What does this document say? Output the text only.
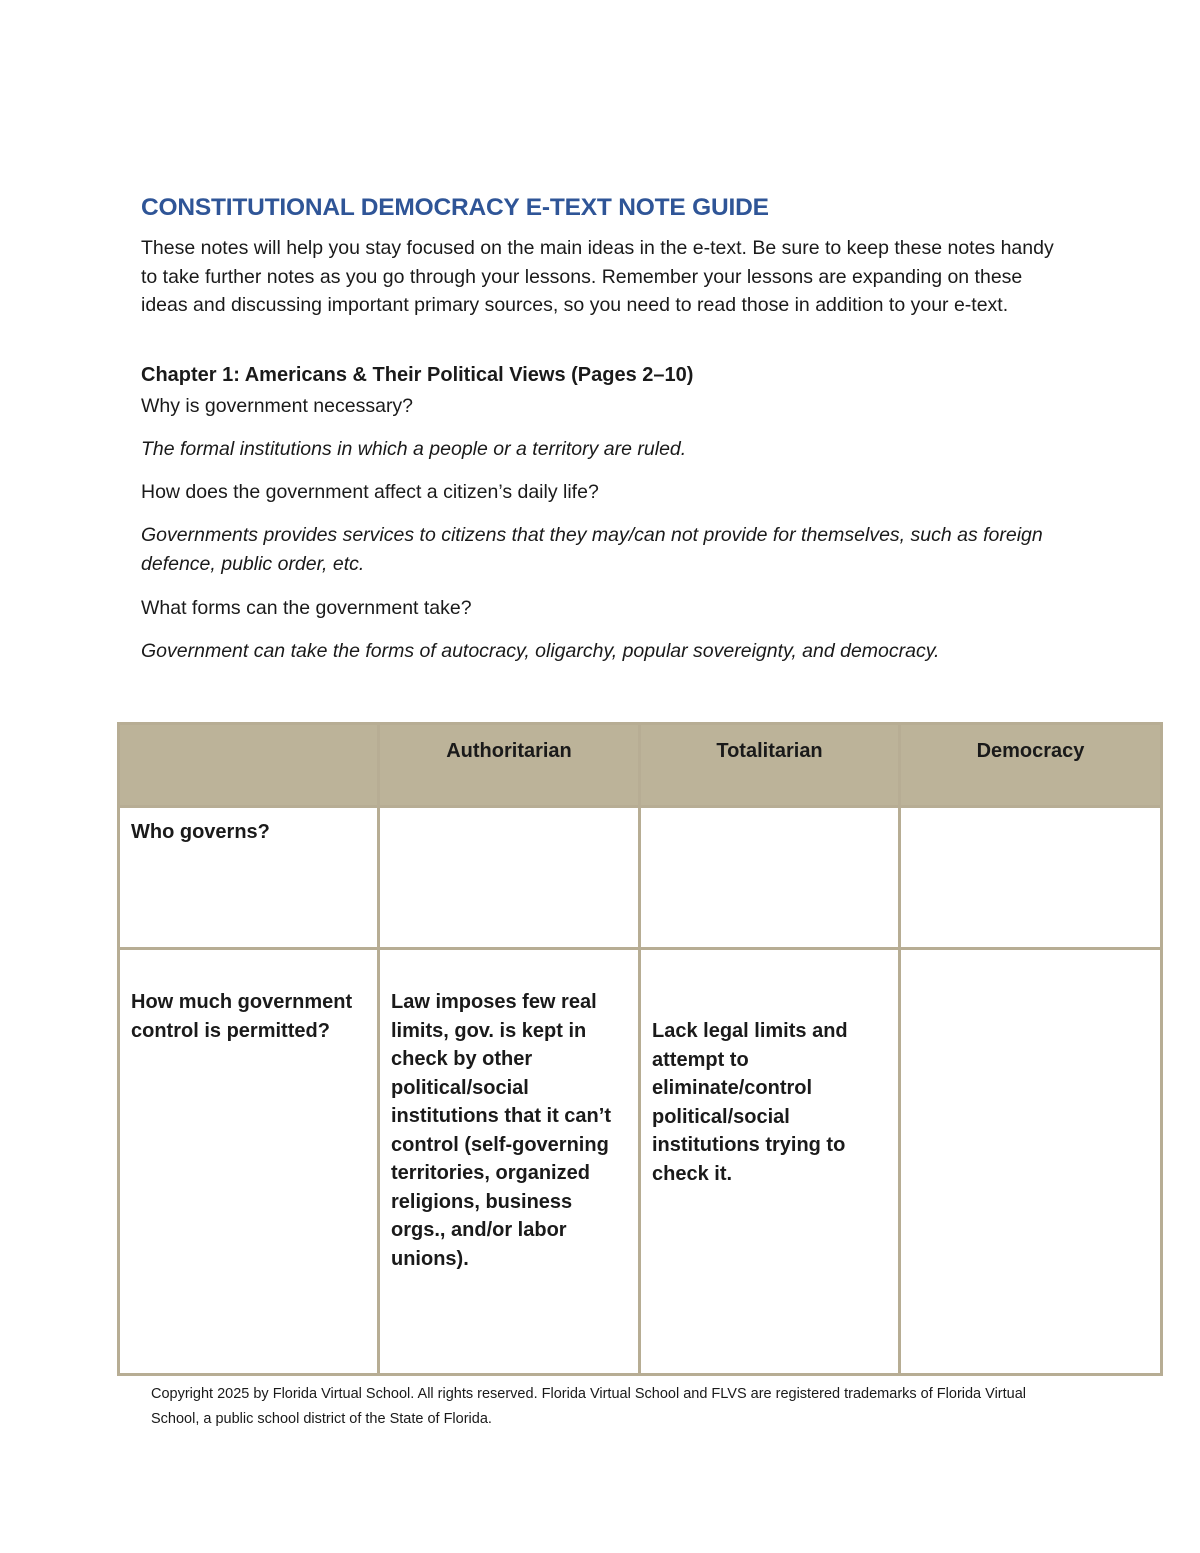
CONSTITUTIONAL DEMOCRACY E-TEXT NOTE GUIDE
These notes will help you stay focused on the main ideas in the e-text. Be sure to keep these notes handy to take further notes as you go through your lessons. Remember your lessons are expanding on these ideas and discussing important primary sources, so you need to read those in addition to your e-text.
Chapter 1: Americans & Their Political Views (Pages 2–10)
Why is government necessary?
The formal institutions in which a people or a territory are ruled.
How does the government affect a citizen’s daily life?
Governments provides services to citizens that they may/can not provide for themselves, such as foreign defence, public order, etc.
What forms can the government take?
Government can take the forms of autocracy, oligarchy, popular sovereignty, and democracy.
	Authoritarian	Totalitarian	Democracy
Who governs?			
How much government control is permitted?	Law imposes few real limits, gov. is kept in check by other political/social institutions that it can’t control (self-governing territories, organized religions, business orgs., and/or labor unions).	Lack legal limits and attempt to eliminate/control political/social institutions trying to check it.	
Copyright 2025 by Florida Virtual School. All rights reserved. Florida Virtual School and FLVS are registered trademarks of Florida Virtual School, a public school district of the State of Florida.
